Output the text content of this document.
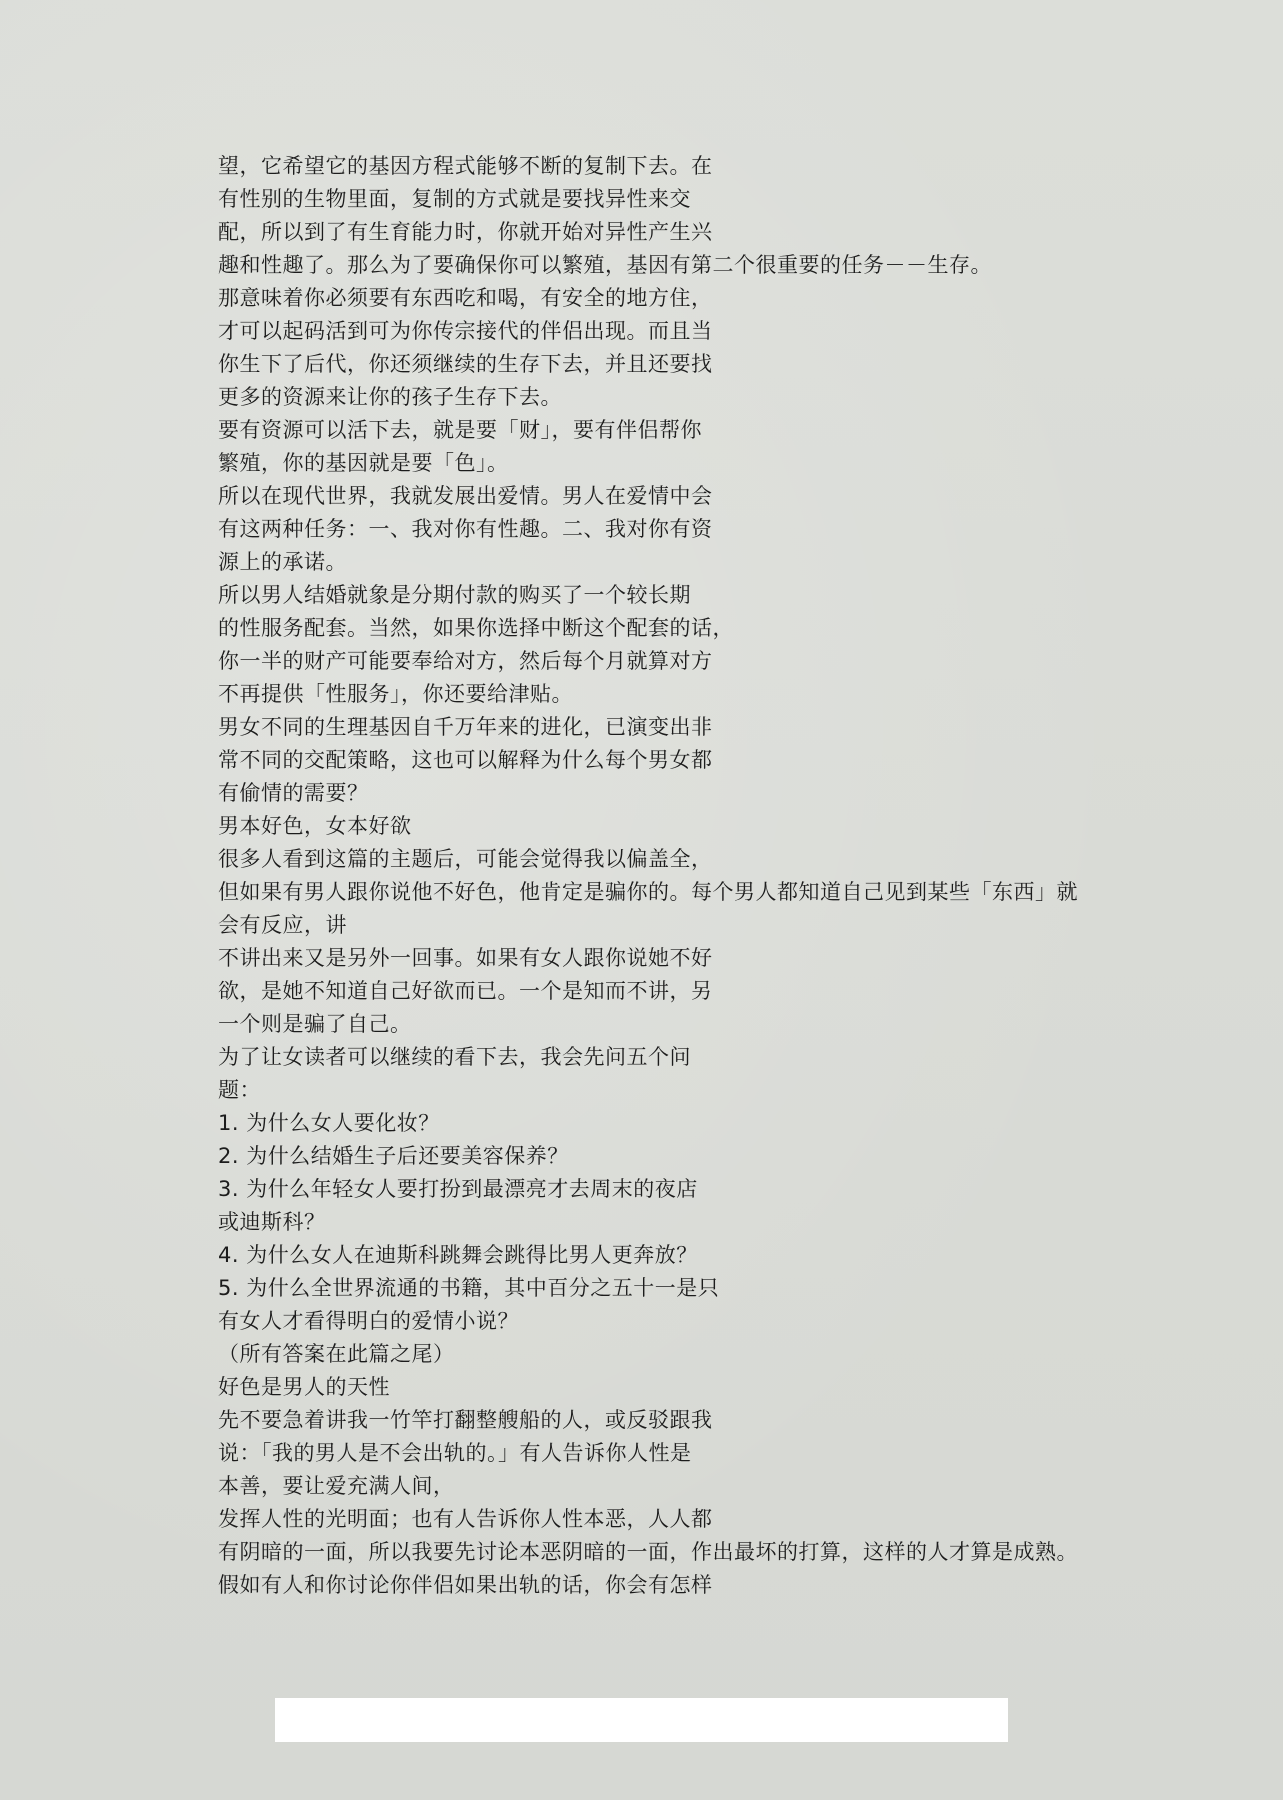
望，它希望它的基因方程式能够不断的复制下去。在
有性别的生物里面，复制的方式就是要找异性来交
配，所以到了有生育能力时，你就开始对异性产生兴
趣和性趣了。那么为了要确保你可以繁殖，基因有第二个很重要的任务－－生存。
那意味着你必须要有东西吃和喝，有安全的地方住，
才可以起码活到可为你传宗接代的伴侣出现。而且当
你生下了后代，你还须继续的生存下去，并且还要找
更多的资源来让你的孩子生存下去。
要有资源可以活下去，就是要「财」，要有伴侣帮你
繁殖，你的基因就是要「色」。
所以在现代世界，我就发展出爱情。男人在爱情中会
有这两种任务：一、我对你有性趣。二、我对你有资
源上的承诺。
所以男人结婚就象是分期付款的购买了一个较长期
的性服务配套。当然，如果你选择中断这个配套的话，
你一半的财产可能要奉给对方，然后每个月就算对方
不再提供「性服务」，你还要给津贴。
男女不同的生理基因自千万年来的进化，已演变出非
常不同的交配策略，这也可以解释为什么每个男女都
有偷情的需要？
男本好色，女本好欲
很多人看到这篇的主题后，可能会觉得我以偏盖全，
但如果有男人跟你说他不好色，他肯定是骗你的。每个男人都知道自己见到某些「东西」就
会有反应，讲
不讲出来又是另外一回事。如果有女人跟你说她不好
欲，是她不知道自己好欲而已。一个是知而不讲，另
一个则是骗了自己。
为了让女读者可以继续的看下去，我会先问五个问
题：
1. 为什么女人要化妆？
2. 为什么结婚生子后还要美容保养？
3. 为什么年轻女人要打扮到最漂亮才去周末的夜店
或迪斯科？
4. 为什么女人在迪斯科跳舞会跳得比男人更奔放？
5. 为什么全世界流通的书籍，其中百分之五十一是只
有女人才看得明白的爱情小说？
（所有答案在此篇之尾）
好色是男人的天性
先不要急着讲我一竹竿打翻整艘船的人，或反驳跟我
说：「我的男人是不会出轨的。」有人告诉你人性是
本善，要让爱充满人间，
发挥人性的光明面；也有人告诉你人性本恶，人人都
有阴暗的一面，所以我要先讨论本恶阴暗的一面，作出最坏的打算，这样的人才算是成熟。
假如有人和你讨论你伴侣如果出轨的话，你会有怎样
